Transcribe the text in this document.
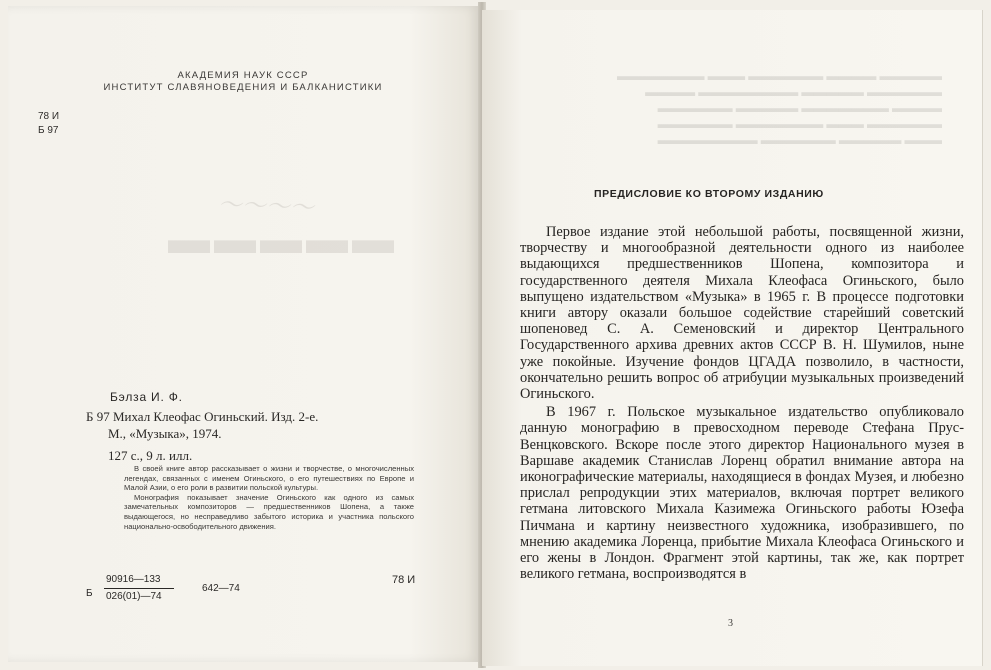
АКАДЕМИЯ НАУК СССР
ИНСТИТУТ СЛАВЯНОВЕДЕНИЯ И БАЛКАНИСТИКИ
78 И
Б 97
〜〜〜〜
▬▬▬▬▬
Бэлза И. Ф.
Б 97 Михал Клеофас Огиньский. Изд. 2-е.
М., «Музыка», 1974.
127 с., 9 л. илл.

В своей книге автор рассказывает о жизни и творчестве, о многочисленных легендах, связанных с именем Огиньского, о его путешествиях по Европе и Малой Азии, о его роли в развитии польской культуры.

Монография показывает значение Огиньского как одного из самых замечательных композиторов — предшественников Шопена, а также выдающегося, но несправедливо забытого историка и участника польского национально-освободительного движения.

Б
90916—133
026(01)—74
642—74
78 И
▬▬▬▬▬ ▬▬▬▬ ▬▬▬▬▬▬ ▬▬▬ ▬▬▬▬▬▬▬
▬▬▬▬▬▬ ▬▬▬▬▬ ▬▬▬▬▬▬▬▬ ▬▬▬▬
▬▬▬▬ ▬▬▬▬▬▬▬ ▬▬▬▬▬ ▬▬▬▬▬▬
▬▬▬▬▬▬ ▬▬▬ ▬▬▬▬▬▬▬ ▬▬▬▬▬▬
▬▬▬ ▬▬▬▬▬ ▬▬▬▬▬▬ ▬▬▬▬▬▬▬▬
ПРЕДИСЛОВИЕ КО ВТОРОМУ ИЗДАНИЮ

Первое издание этой небольшой работы, посвященной жизни, творчеству и многообразной деятельности одного из наиболее выдающихся предшественников Шопена, композитора и государственного деятеля Михала Клеофаса Огиньского, было выпущено издательством «Музыка» в 1965 г. В процессе подготовки книги автору оказали большое содействие старейший советский шопеновед С. А. Семеновский и директор Центрального Государственного архива древних актов СССР В. Н. Шумилов, ныне уже покойные. Изучение фондов ЦГАДА позволило, в частности, окончательно решить вопрос об атрибуции музыкальных произведений Огиньского.

В 1967 г. Польское музыкальное издательство опубликовало данную монографию в превосходном переводе Стефана Прус-Венцковского. Вскоре после этого директор Национального музея в Варшаве академик Станислав Лоренц обратил внимание автора на иконографические материалы, находящиеся в фондах Музея, и любезно прислал репродукции этих материалов, включая портрет великого гетмана литовского Михала Казимежа Огиньского работы Юзефа Пичмана и картину неизвестного художника, изобразившего, по мнению академика Лоренца, прибытие Михала Клеофаса Огиньского и его жены в Лондон. Фрагмент этой картины, так же, как портрет великого гетмана, воспроизводятся в

3
